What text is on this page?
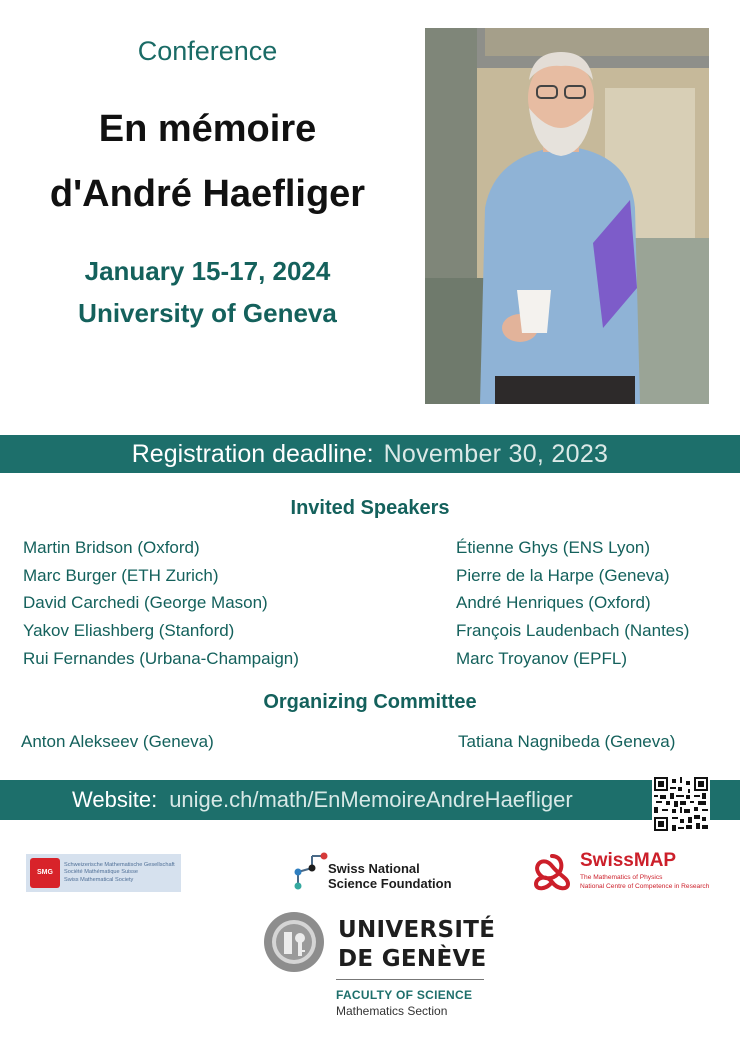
Conference
En mémoire
d'André Haefliger
January 15-17, 2024
University of Geneva
Registration deadline: November 30, 2023
Invited Speakers
Martin Bridson (Oxford)
Marc Burger (ETH Zurich)
David Carchedi (George Mason)
Yakov Eliashberg (Stanford)
Rui Fernandes (Urbana-Champaign)
Étienne Ghys (ENS Lyon)
Pierre de la Harpe (Geneva)
André Henriques (Oxford)
François Laudenbach (Nantes)
Marc Troyanov (EPFL)
Organizing Committee
Anton Alekseev (Geneva)	Tatiana Nagnibeda (Geneva)
Website: unige.ch/math/EnMemoireAndreHaefliger
SMG
Schweizerische Mathematische Gesellschaft
Société Mathématique Suisse
Swiss Mathematical Society
Swiss National
Science Foundation
SwissMAP
The Mathematics of Physics
National Centre of Competence in Research
UNIVERSITÉ
DE GENÈVE
FACULTY OF SCIENCE
Mathematics Section
